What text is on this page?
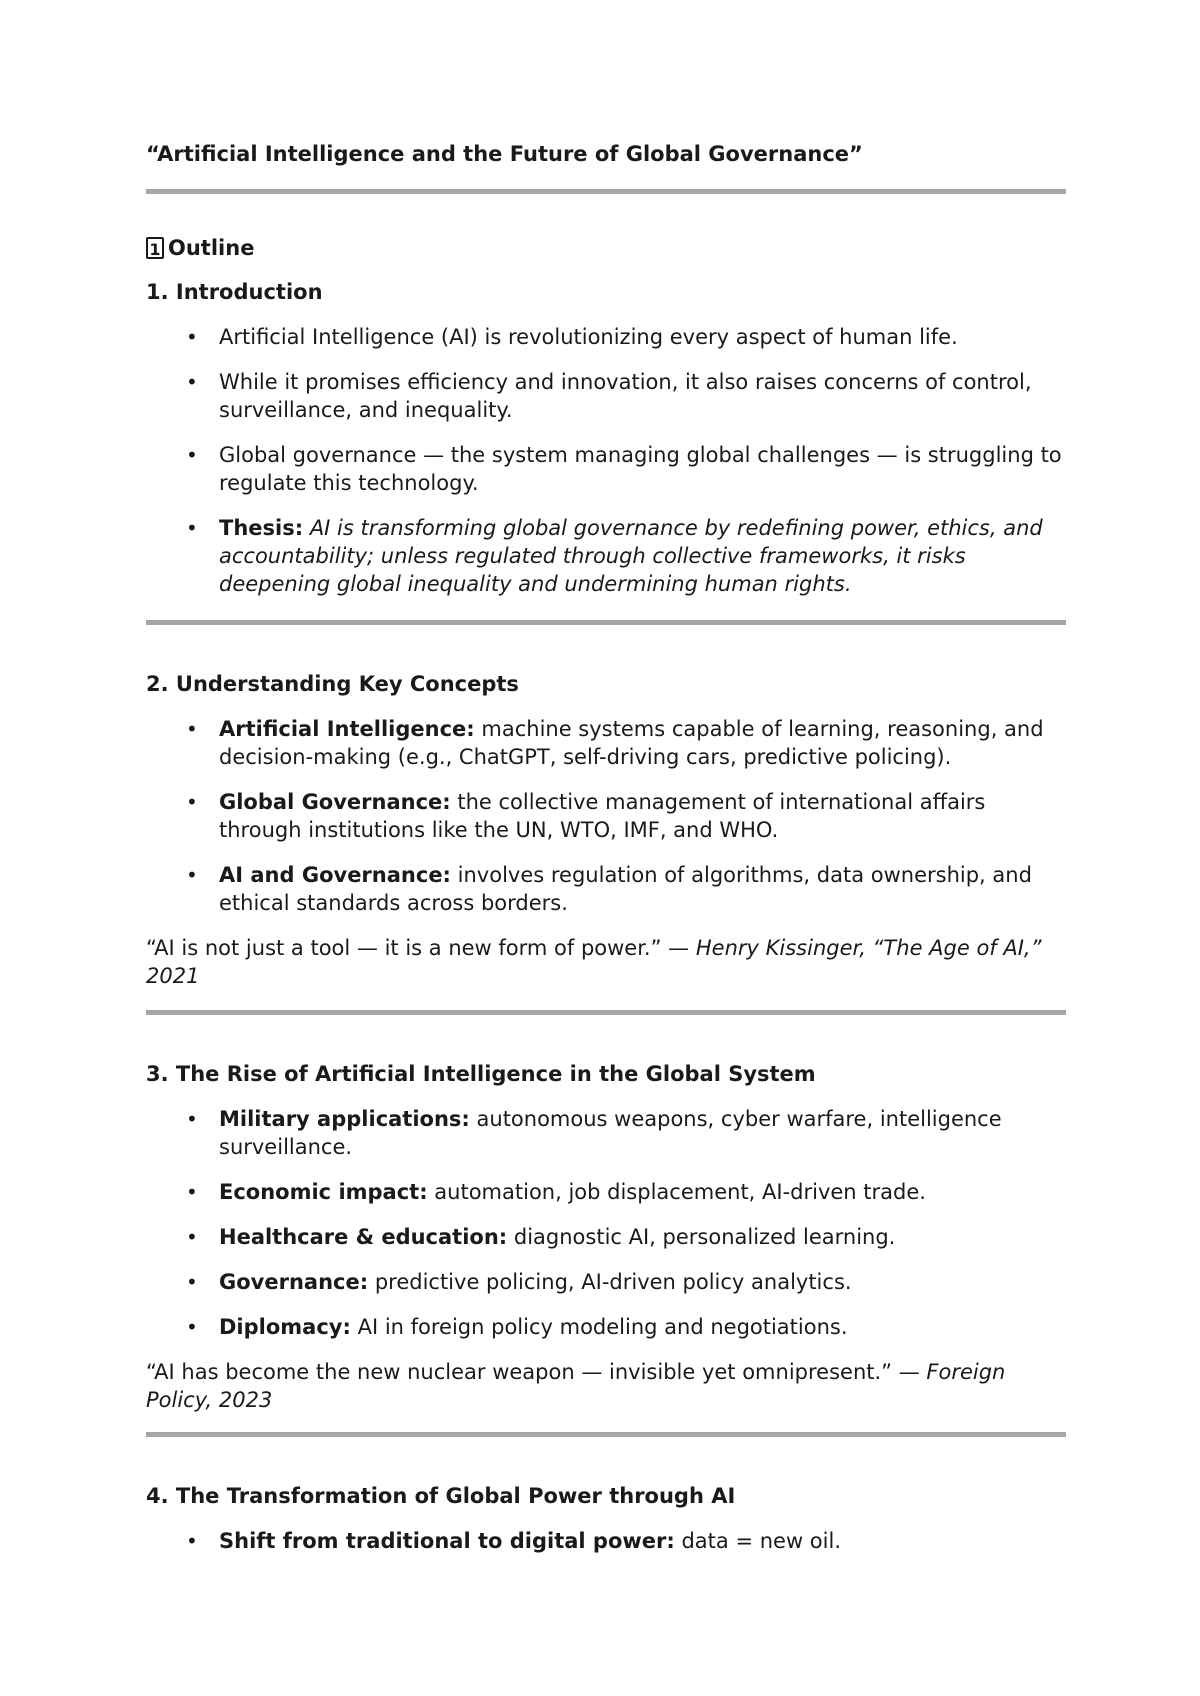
“Artificial Intelligence and the Future of Global Governance”
1 Outline
1. Introduction
• Artificial Intelligence (AI) is revolutionizing every aspect of human life.
• While it promises efficiency and innovation, it also raises concerns of control, surveillance, and inequality.
• Global governance — the system managing global challenges — is struggling to regulate this technology.
• Thesis: AI is transforming global governance by redefining power, ethics, and accountability; unless regulated through collective frameworks, it risks deepening global inequality and undermining human rights.
2. Understanding Key Concepts
• Artificial Intelligence: machine systems capable of learning, reasoning, and decision-making (e.g., ChatGPT, self-driving cars, predictive policing).
• Global Governance: the collective management of international affairs through institutions like the UN, WTO, IMF, and WHO.
• AI and Governance: involves regulation of algorithms, data ownership, and ethical standards across borders.
“AI is not just a tool — it is a new form of power.” — Henry Kissinger, “The Age of AI,” 2021
3. The Rise of Artificial Intelligence in the Global System
• Military applications: autonomous weapons, cyber warfare, intelligence surveillance.
• Economic impact: automation, job displacement, AI-driven trade.
• Healthcare & education: diagnostic AI, personalized learning.
• Governance: predictive policing, AI-driven policy analytics.
• Diplomacy: AI in foreign policy modeling and negotiations.
“AI has become the new nuclear weapon — invisible yet omnipresent.” — Foreign Policy, 2023
4. The Transformation of Global Power through AI
• Shift from traditional to digital power: data = new oil.
